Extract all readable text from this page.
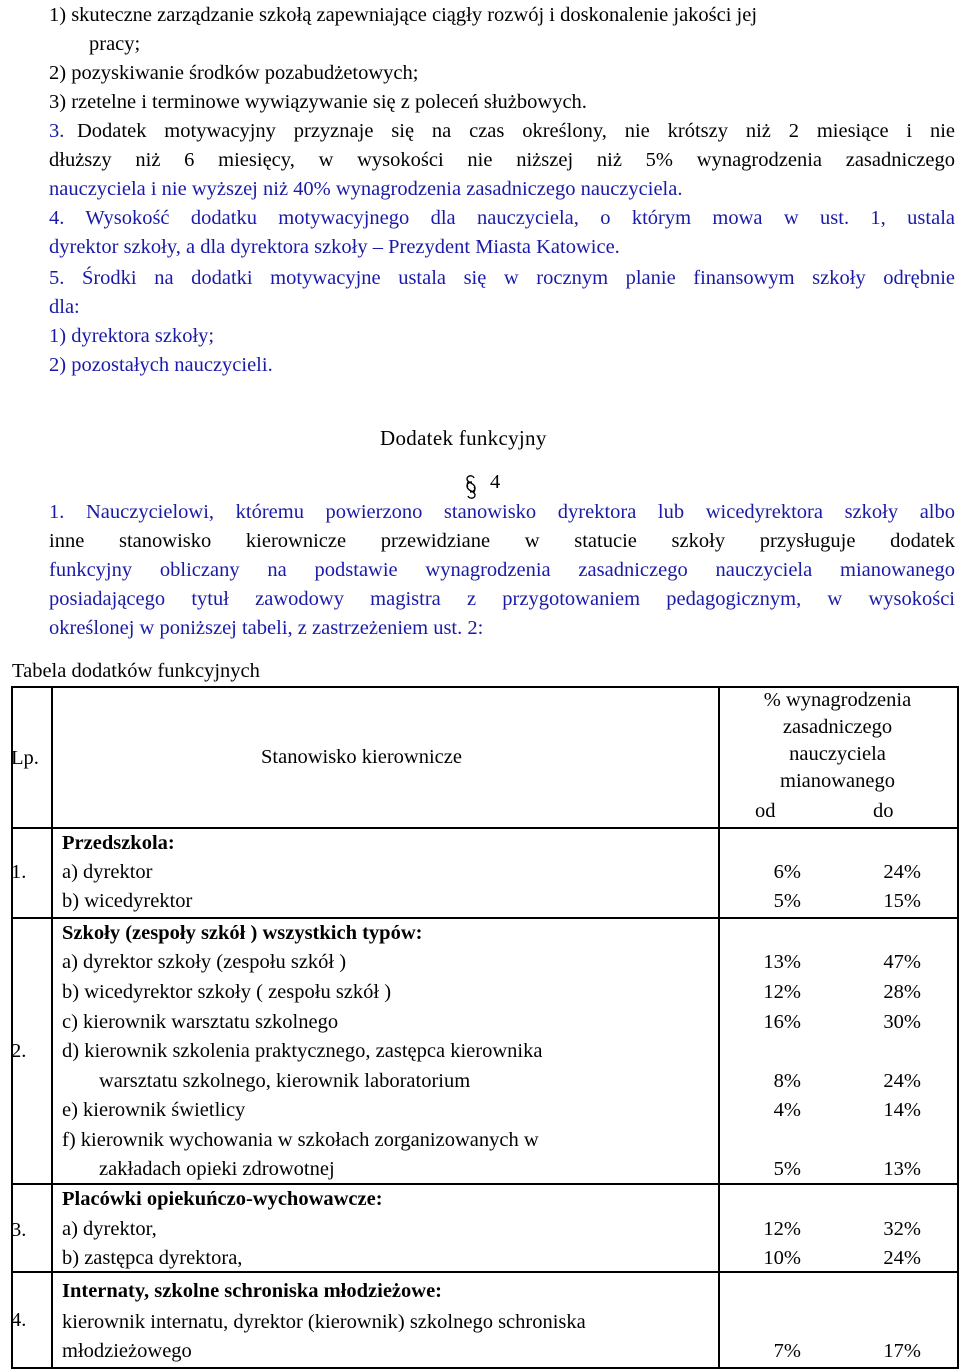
1) skuteczne zarządzanie szkołą zapewniające ciągły rozwój i doskonalenie jakości jej
pracy;
2) pozyskiwanie środków pozabudżetowych;
3) rzetelne i terminowe wywiązywanie się z poleceń służbowych.
3. Dodatek motywacyjny przyznaje się na czas określony, nie krótszy niż 2 miesiące i nie
dłuższy niż 6 miesięcy, w wysokości nie niższej niż 5% wynagrodzenia zasadniczego
nauczyciela i nie wyższej niż 40% wynagrodzenia zasadniczego nauczyciela.
4. Wysokość dodatku motywacyjnego dla nauczyciela, o którym mowa w ust. 1, ustala
dyrektor szkoły, a dla dyrektora szkoły – Prezydent Miasta Katowice.
5. Środki na dodatki motywacyjne ustala się w rocznym planie finansowym szkoły odrębnie
dla:
1) dyrektora szkoły;
2) pozostałych nauczycieli.
Dodatek funkcyjny
4
1. Nauczycielowi, któremu powierzono stanowisko dyrektora lub wicedyrektora szkoły albo
inne stanowisko kierownicze przewidziane w statucie szkoły przysługuje dodatek
funkcyjny obliczany na podstawie wynagrodzenia zasadniczego nauczyciela mianowanego
posiadającego tytuł zawodowy magistra z przygotowaniem pedagogicznym, w wysokości
określonej w poniższej tabeli, z zastrzeżeniem ust. 2:
Tabela dodatków funkcyjnych
Lp.	Stanowisko kierownicze
% wynagrodzenia
zasadniczego
nauczyciela
mianowanego
od	do
1.
Przedszkola:
a) dyrektor	6%	24%
b) wicedyrektor	5%	15%
2.
Szkoły (zespoły szkół ) wszystkich typów:
a) dyrektor szkoły (zespołu szkół )	13%	47%
b) wicedyrektor szkoły ( zespołu szkół )	12%	28%
c) kierownik warsztatu szkolnego	16%	30%
d) kierownik szkolenia praktycznego, zastępca kierownika
warsztatu szkolnego, kierownik laboratorium	8%	24%
e) kierownik świetlicy	4%	14%
f) kierownik wychowania w szkołach zorganizowanych w
zakładach opieki zdrowotnej	5%	13%
3.
Placówki opiekuńczo-wychowawcze:
a) dyrektor,	12%	32%
b) zastępca dyrektora,	10%	24%
4.
Internaty, szkolne schroniska młodzieżowe:
kierownik internatu, dyrektor (kierownik) szkolnego schroniska
młodzieżowego	7%	17%
